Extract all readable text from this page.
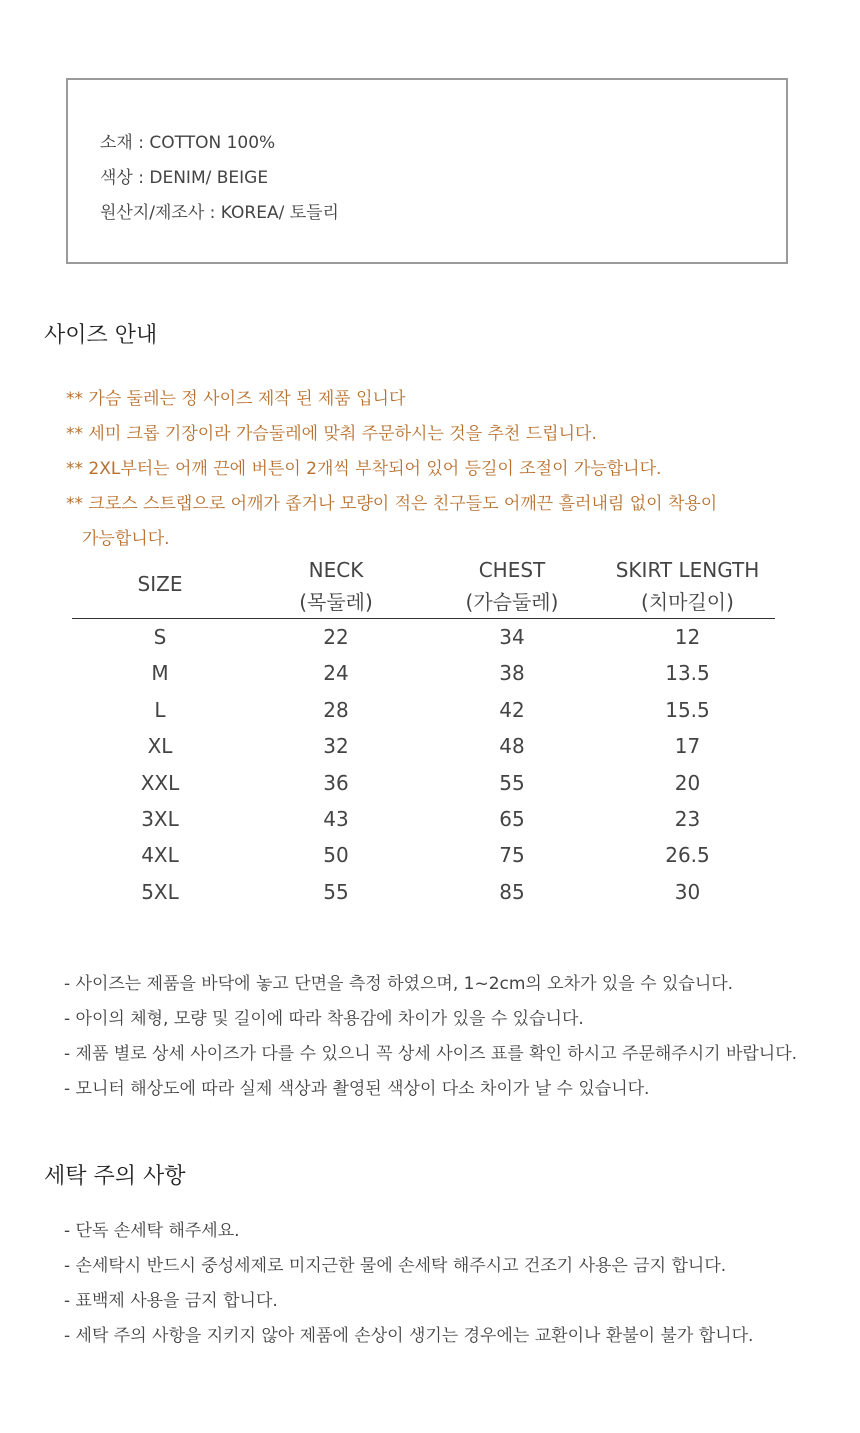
소재 : COTTON 100%
색상 : DENIM/ BEIGE
원산지/제조사 : KOREA/ 토들리
사이즈 안내
** 가슴 둘레는 정 사이즈 제작 된 제품 입니다
** 세미 크롭 기장이라 가슴둘레에 맞춰 주문하시는 것을 추천 드립니다.
** 2XL부터는 어깨 끈에 버튼이 2개씩 부착되어 있어 등길이 조절이 가능합니다.
** 크로스 스트랩으로 어깨가 좁거나 모량이 적은 친구들도 어깨끈 흘러내림 없이 착용이
가능합니다.
SIZE
NECK
(목둘레)
CHEST
(가슴둘레)
SKIRT LENGTH
(치마길이)
S	22	34	12
M	24	38	13.5
L	28	42	15.5
XL	32	48	17
XXL	36	55	20
3XL	43	65	23
4XL	50	75	26.5
5XL	55	85	30
- 사이즈는 제품을 바닥에 놓고 단면을 측정 하였으며, 1~2cm의 오차가 있을 수 있습니다.
- 아이의 체형, 모량 및 길이에 따라 착용감에 차이가 있을 수 있습니다.
- 제품 별로 상세 사이즈가 다를 수 있으니 꼭 상세 사이즈 표를 확인 하시고 주문해주시기 바랍니다.
- 모니터 해상도에 따라 실제 색상과 촬영된 색상이 다소 차이가 날 수 있습니다.
세탁 주의 사항
- 단독 손세탁 해주세요.
- 손세탁시 반드시 중성세제로 미지근한 물에 손세탁 해주시고 건조기 사용은 금지 합니다.
- 표백제 사용을 금지 합니다.
- 세탁 주의 사항을 지키지 않아 제품에 손상이 생기는 경우에는 교환이나 환불이 불가 합니다.
